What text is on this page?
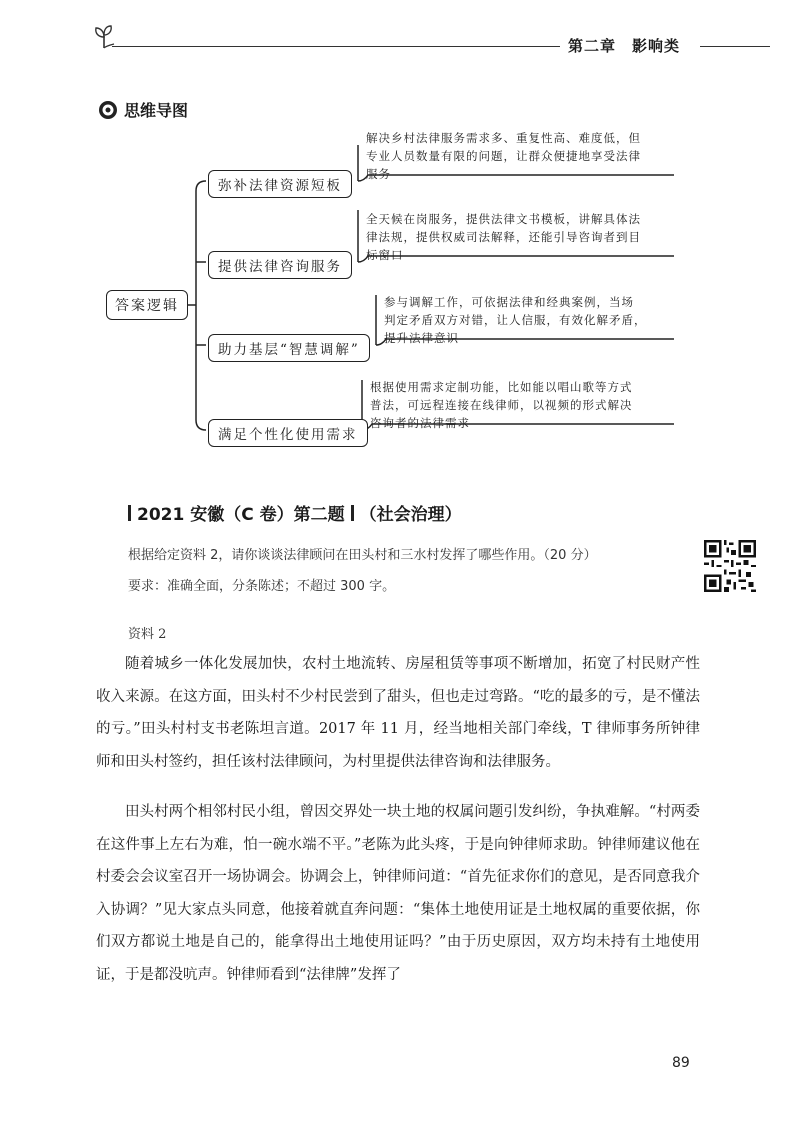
第二章　影响类
思维导图
答案逻辑
弥补法律资源短板
提供法律咨询服务
助力基层“智慧调解”
满足个性化使用需求
解决乡村法律服务需求多、重复性高、难度低，但
专业人员数量有限的问题，让群众便捷地享受法律
服务
全天候在岗服务，提供法律文书模板，讲解具体法
律法规，提供权威司法解释，还能引导咨询者到目
标窗口
参与调解工作，可依据法律和经典案例，当场
判定矛盾双方对错，让人信服，有效化解矛盾，
提升法律意识
根据使用需求定制功能，比如能以唱山歌等方式
普法，可远程连接在线律师，以视频的形式解决
咨询者的法律需求
2021 安徽（C 卷）第二题 （社会治理）
根据给定资料 2，请你谈谈法律顾问在田头村和三水村发挥了哪些作用。（20 分）
要求：准确全面，分条陈述；不超过 300 字。
资料 2

随着城乡一体化发展加快，农村土地流转、房屋租赁等事项不断增加，拓宽了村民财产性收入来源。在这方面，田头村不少村民尝到了甜头，但也走过弯路。“吃的最多的亏，是不懂法的亏。”田头村村支书老陈坦言道。2017 年 11 月，经当地相关部门牵线，T 律师事务所钟律师和田头村签约，担任该村法律顾问，为村里提供法律咨询和法律服务。

田头村两个相邻村民小组，曾因交界处一块土地的权属问题引发纠纷，争执难解。“村两委在这件事上左右为难，怕一碗水端不平。”老陈为此头疼，于是向钟律师求助。钟律师建议他在村委会会议室召开一场协调会。协调会上，钟律师问道：“首先征求你们的意见，是否同意我介入协调？”见大家点头同意，他接着就直奔问题：“集体土地使用证是土地权属的重要依据，你们双方都说土地是自己的，能拿得出土地使用证吗？”由于历史原因，双方均未持有土地使用证，于是都没吭声。钟律师看到“法律牌”发挥了

89
